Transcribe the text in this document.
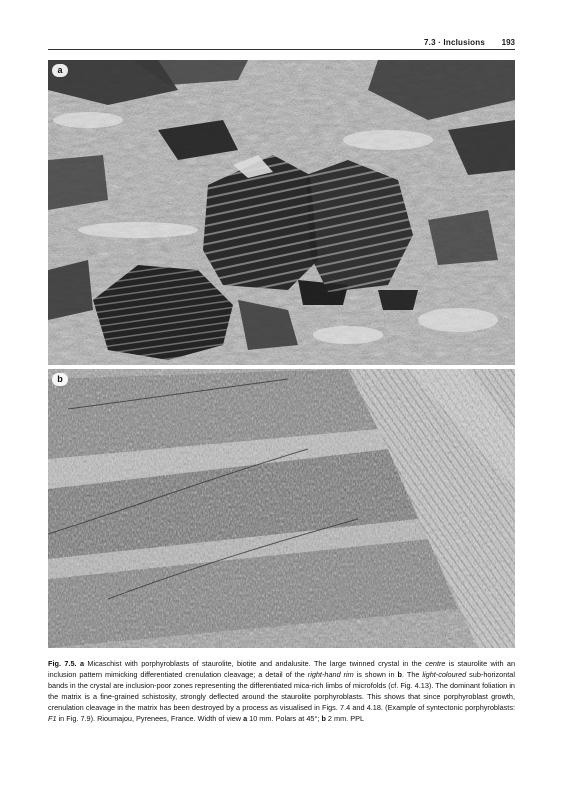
7.3 · Inclusions 193
a
b
Fig. 7.5. a Micaschist with porphyroblasts of staurolite, biotite and andalusite. The large twinned crystal in the centre is staurolite with an inclusion pattern mimicking differentiated crenulation cleavage; a detail of the right-hand rim is shown in b. The light-coloured sub-horizontal bands in the crystal are inclusion-poor zones representing the differentiated mica-rich limbs of microfolds (cf. Fig. 4.13). The dominant foliation in the matrix is a fine-grained schistosity, strongly deflected around the staurolite porphyroblasts. This shows that since porphyroblast growth, crenulation cleavage in the matrix has been destroyed by a process as visualised in Figs. 7.4 and 4.18. (Example of syntectonic porphyroblasts: F1 in Fig. 7.9). Rioumajou, Pyrenees, France. Width of view a 10 mm. Polars at 45°; b 2 mm. PPL
